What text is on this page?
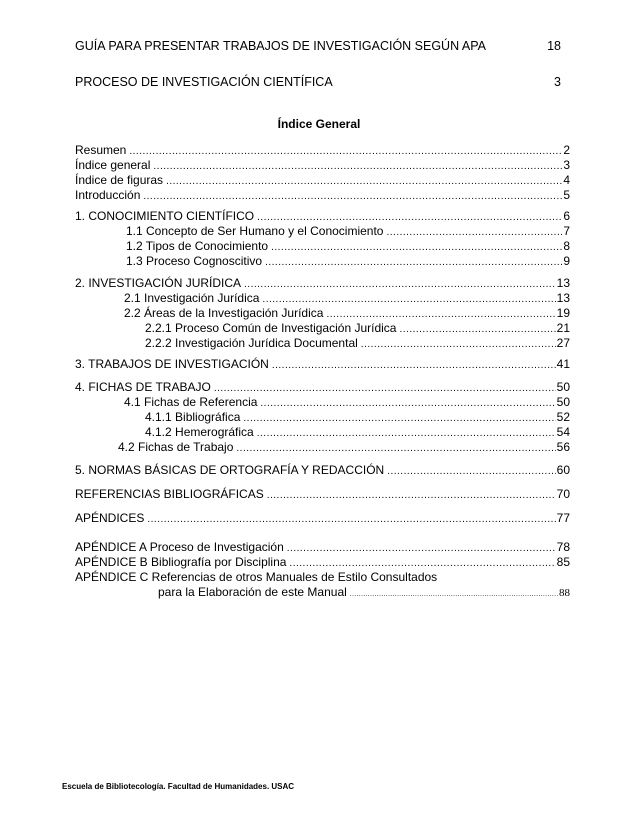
GUÍA PARA PRESENTAR TRABAJOS DE INVESTIGACIÓN SEGÚN APA	18
PROCESO DE INVESTIGACIÓN CIENTÍFICA	3
Índice General
Resumen .....	2
Índice general .....	3
Índice de figuras .....	4
Introducción .....	5
1. CONOCIMIENTO CIENTÍFICO .....	6
1.1 Concepto de Ser Humano y el Conocimiento .....	7
1.2 Tipos de Conocimiento .....	8
1.3 Proceso Cognoscitivo .....	9
2. INVESTIGACIÓN JURÍDICA .....	13
2.1 Investigación Jurídica .....	13
2.2 Áreas de la Investigación Jurídica .....	19
2.2.1 Proceso Común de Investigación Jurídica .....	21
2.2.2 Investigación Jurídica Documental .....	27
3. TRABAJOS DE INVESTIGACIÓN .....	41
4. FICHAS DE TRABAJO .....	50
4.1 Fichas de Referencia .....	50
4.1.1 Bibliográfica .....	52
4.1.2 Hemerográfica .....	54
4.2 Fichas de Trabajo .....	56
5. NORMAS BÁSICAS DE ORTOGRAFÍA Y REDACCIÓN .....	60
REFERENCIAS BIBLIOGRÁFICAS .....	70
APÉNDICES .....	77
APÉNDICE A Proceso de Investigación .....	78
APÉNDICE B Bibliografía por Disciplina .....	85
APÉNDICE C Referencias de otros Manuales de Estilo Consultados
para la Elaboración de este Manual .....	88
Escuela de Bibliotecología. Facultad de Humanidades. USAC
